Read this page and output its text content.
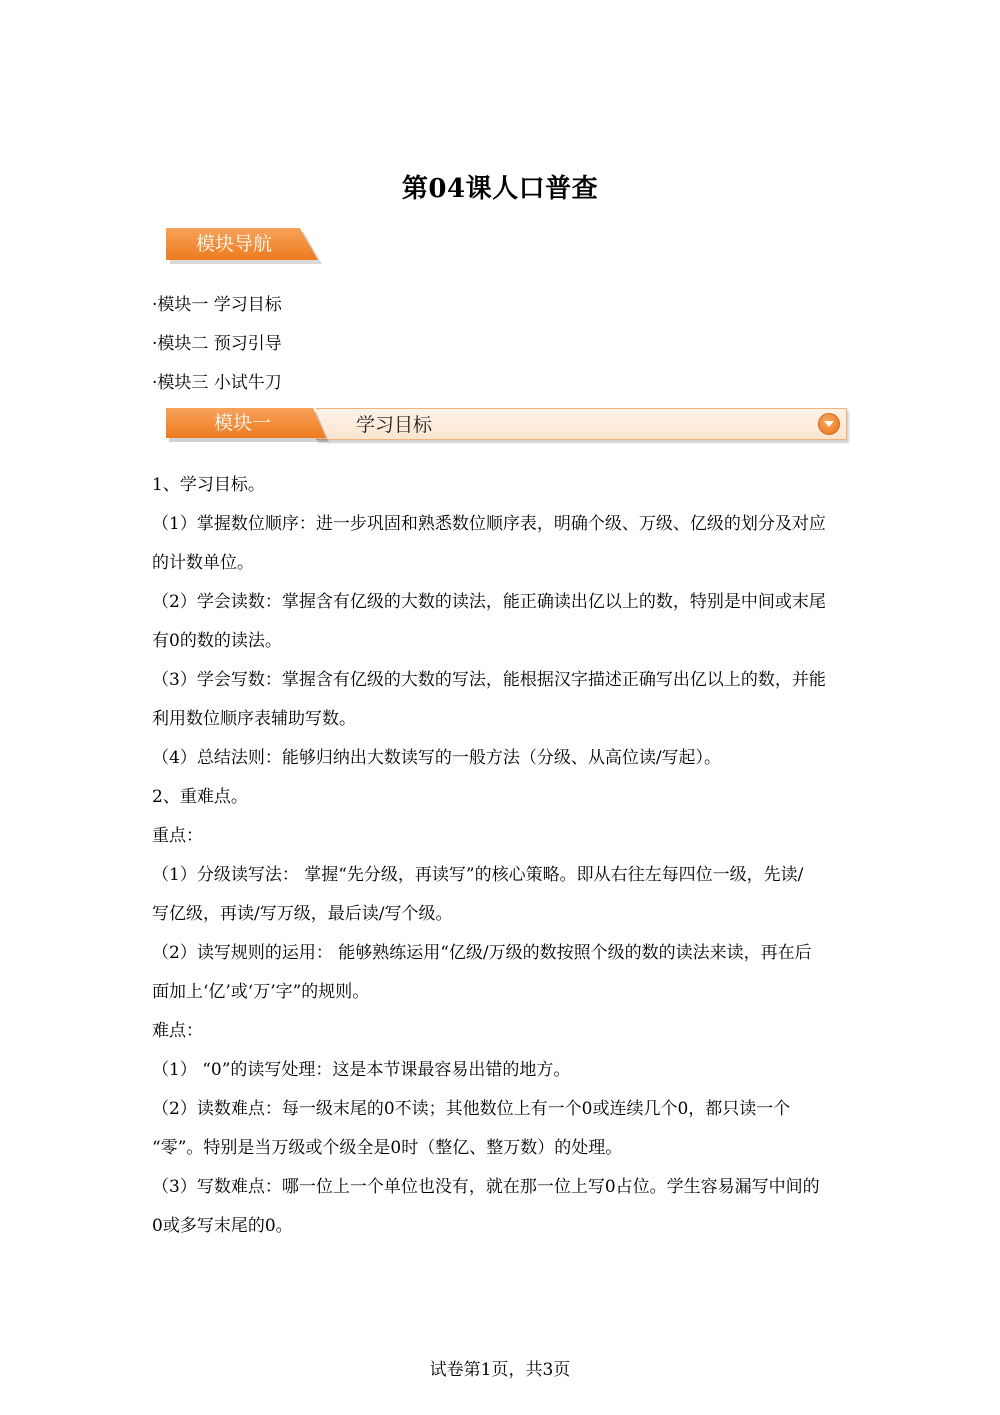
第04课人口普查
模块导航
·模块一 学习目标
·模块二 预习引导
·模块三 小试牛刀
模块一	学习目标
1、学习目标。
（1）掌握数位顺序：进一步巩固和熟悉数位顺序表，明确个级、万级、亿级的划分及对应
的计数单位。
（2）学会读数：掌握含有亿级的大数的读法，能正确读出亿以上的数，特别是中间或末尾
有0的数的读法。
（3）学会写数：掌握含有亿级的大数的写法，能根据汉字描述正确写出亿以上的数，并能
利用数位顺序表辅助写数。
（4）总结法则：能够归纳出大数读写的一般方法（分级、从高位读/写起）。
2、重难点。
重点：
（1）分级读写法： 掌握“先分级，再读写”的核心策略。即从右往左每四位一级，先读/
写亿级，再读/写万级，最后读/写个级。
（2）读写规则的运用： 能够熟练运用“亿级/万级的数按照个级的数的读法来读，再在后
面加上‘亿’或‘万’字”的规则。
难点：
（1） “0”的读写处理：这是本节课最容易出错的地方。
（2）读数难点：每一级末尾的0不读；其他数位上有一个0或连续几个0，都只读一个
“零”。特别是当万级或个级全是0时（整亿、整万数）的处理。
（3）写数难点：哪一位上一个单位也没有，就在那一位上写0占位。学生容易漏写中间的
0或多写末尾的0。
试卷第1页，共3页
